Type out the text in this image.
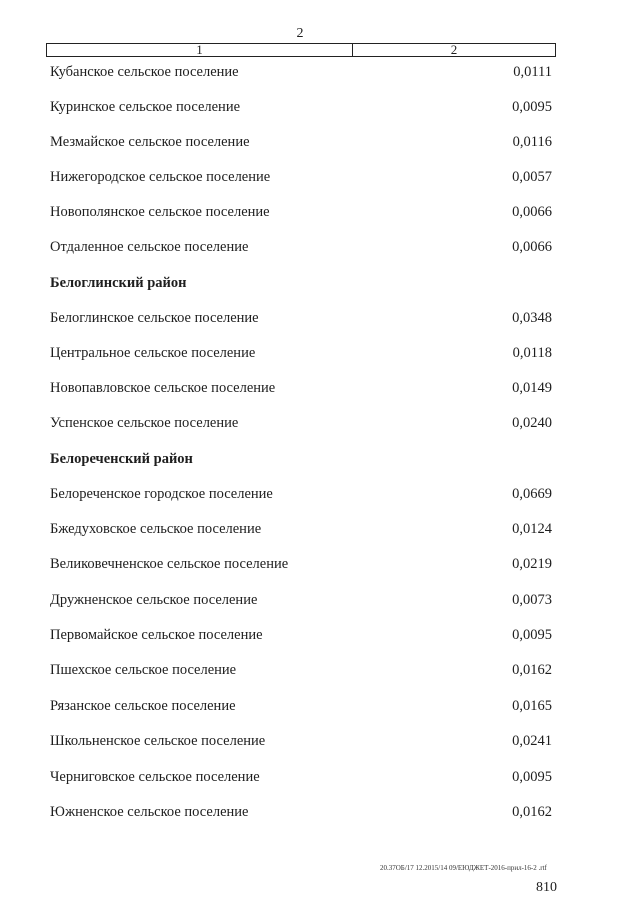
2
1	2
Кубанское сельское поселение	0,0111
Куринское сельское поселение	0,0095
Мезмайское сельское поселение	0,0116
Нижегородское сельское поселение	0,0057
Новополянское сельское поселение	0,0066
Отдаленное сельское поселение	0,0066
Белоглинский район
Белоглинское сельское поселение	0,0348
Центральное сельское поселение	0,0118
Новопавловское сельское поселение	0,0149
Успенское сельское поселение	0,0240
Белореченский район
Белореченское городское поселение	0,0669
Бжедуховское сельское поселение	0,0124
Великовечненское сельское поселение	0,0219
Дружненское сельское поселение	0,0073
Первомайское сельское поселение	0,0095
Пшехское сельское поселение	0,0162
Рязанское сельское поселение	0,0165
Школьненское сельское поселение	0,0241
Черниговское сельское поселение	0,0095
Южненское сельское поселение	0,0162
20.37ОБ/17 12.2015/14 09/ЕЮДЖЕТ-2016-прил-16-2 .rtf
810
